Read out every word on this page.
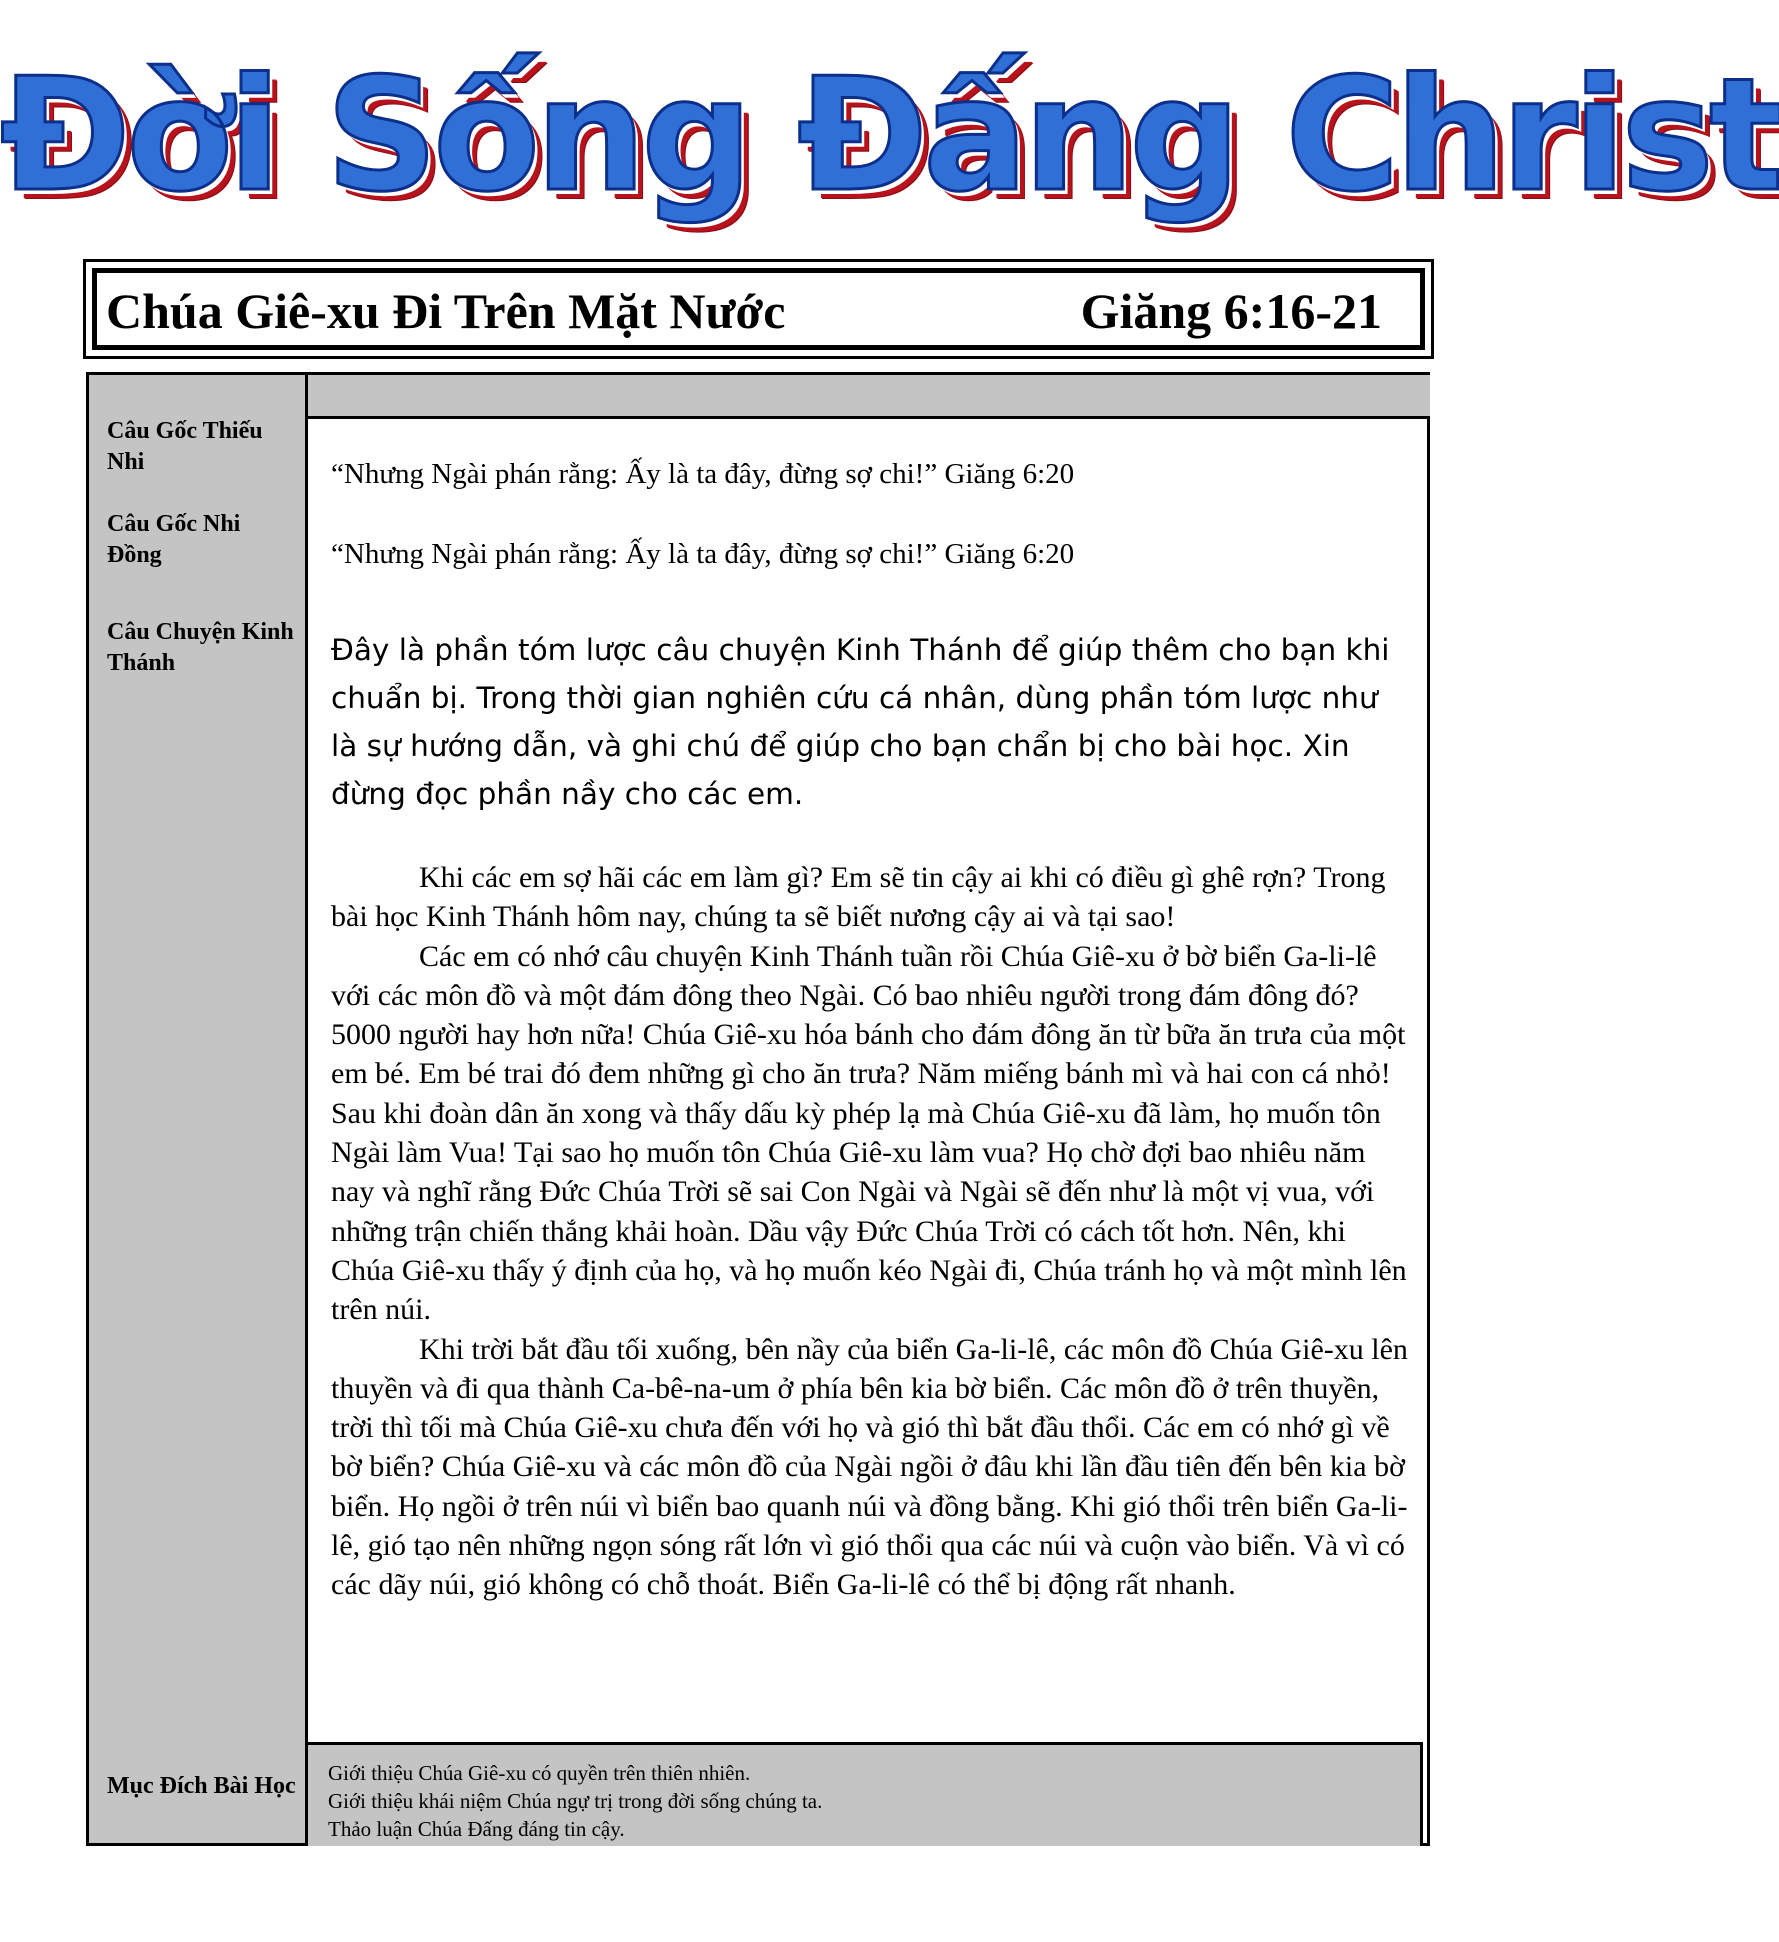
Đời Sống Đấng Christ
Chúa Giê-xu Đi Trên Mặt Nước	Giăng 6:16-21
Câu Gốc Thiếu Nhi
Câu Gốc Nhi Đồng
Câu Chuyện Kinh Thánh
Mục Đích Bài Học
“Nhưng Ngài phán rằng: Ấy là ta đây, đừng sợ chi!” Giăng 6:20
“Nhưng Ngài phán rằng: Ấy là ta đây, đừng sợ chi!” Giăng 6:20
Đây là phần tóm lược câu chuyện Kinh Thánh để giúp thêm cho bạn khi chuẩn bị. Trong thời gian nghiên cứu cá nhân, dùng phần tóm lược như là sự hướng dẫn, và ghi chú để giúp cho bạn chẩn bị cho bài học. Xin đừng đọc phần nầy cho các em.

Khi các em sợ hãi các em làm gì? Em sẽ tin cậy ai khi có điều gì ghê rợn? Trong bài học Kinh Thánh hôm nay, chúng ta sẽ biết nương cậy ai và tại sao!

Các em có nhớ câu chuyện Kinh Thánh tuần rồi Chúa Giê-xu ở bờ biển Ga-li-lê với các môn đồ và một đám đông theo Ngài. Có bao nhiêu người trong đám đông đó? 5000 người hay hơn nữa! Chúa Giê-xu hóa bánh cho đám đông ăn từ bữa ăn trưa của một em bé. Em bé trai đó đem những gì cho ăn trưa? Năm miếng bánh mì và hai con cá nhỏ! Sau khi đoàn dân ăn xong và thấy dấu kỳ phép lạ mà Chúa Giê-xu đã làm, họ muốn tôn Ngài làm Vua! Tại sao họ muốn tôn Chúa Giê-xu làm vua? Họ chờ đợi bao nhiêu năm nay và nghĩ rằng Đức Chúa Trời sẽ sai Con Ngài và Ngài sẽ đến như là một vị vua, với những trận chiến thắng khải hoàn. Dầu vậy Đức Chúa Trời có cách tốt hơn. Nên, khi Chúa Giê-xu thấy ý định của họ, và họ muốn kéo Ngài đi, Chúa tránh họ và một mình lên trên núi.

Khi trời bắt đầu tối xuống, bên nầy của biển Ga-li-lê, các môn đồ Chúa Giê-xu lên thuyền và đi qua thành Ca-bê-na-um ở phía bên kia bờ biển. Các môn đồ ở trên thuyền, trời thì tối mà Chúa Giê-xu chưa đến với họ và gió thì bắt đầu thổi. Các em có nhớ gì về bờ biển? Chúa Giê-xu và các môn đồ của Ngài ngồi ở đâu khi lần đầu tiên đến bên kia bờ biển. Họ ngồi ở trên núi vì biển bao quanh núi và đồng bằng. Khi gió thổi trên biển Ga-li-lê, gió tạo nên những ngọn sóng rất lớn vì gió thổi qua các núi và cuộn vào biển. Và vì có các dãy núi, gió không có chỗ thoát. Biển Ga-li-lê có thể bị động rất nhanh.

Giới thiệu Chúa Giê-xu có quyền trên thiên nhiên.
Giới thiệu khái niệm Chúa ngự trị trong đời sống chúng ta.
Thảo luận Chúa Đấng đáng tin cậy.
